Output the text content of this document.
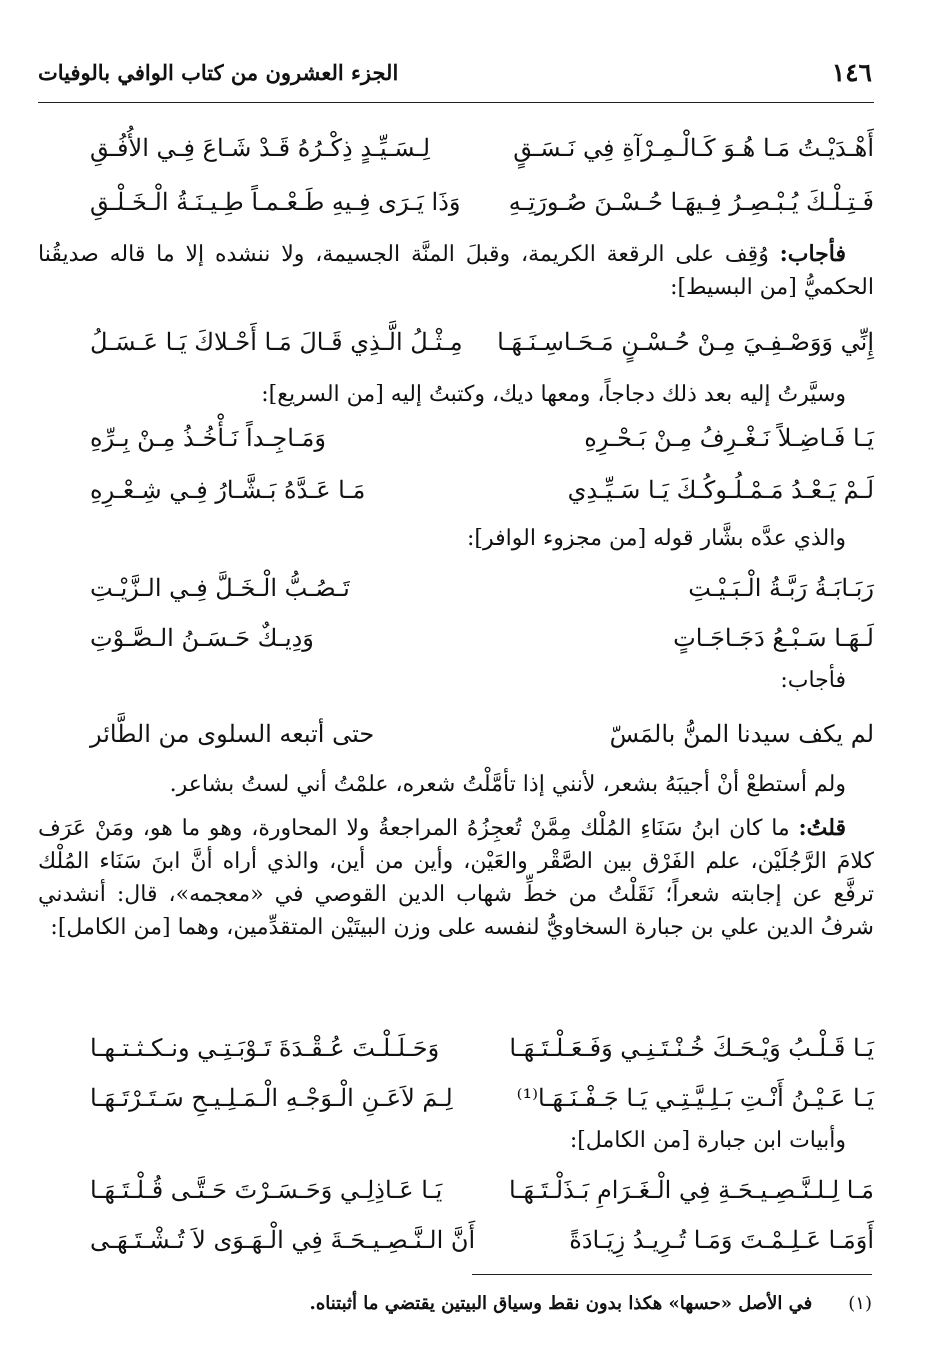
١٤٦
الجزء العشرون من كتاب الوافي بالوفيات
أَهْـدَيْـتُ مَـا هُـوَ كَـالْـمِـرْآةِ فِي نَـسَـقٍ
لِـسَـيِّـدٍ ذِكْـرُهُ قَـدْ شَـاعَ فِـي الأُفُـقِ
فَـتِـلْـكَ يُـبْـصِـرُ فِـيهَـا حُـسْـنَ صُـورَتِـهِ
وَذَا يَـرَى فِـيهِ طَـعْـمـاً طِـيـنَـةُ الْـخَـلْـقِ

فأجاب: وُقِف على الرقعة الكريمة، وقبلَ المنَّة الجسيمة، ولا ننشده إلا ما قاله صديقُنا الحكميُّ [من البسيط]:

إِنِّي وَوَصْـفِـيَ مِـنْ حُـسْـنٍ مَـحَـاسِـنَـهَـا
مِـثْـلُ الَّـذِي قَـالَ مَـا أَحْـلاكَ يَـا عَـسَـلُ

وسيَّرتُ إليه بعد ذلك دجاجاً، ومعها ديك، وكتبتُ إليه [من السريع]:

يَـا فَـاضِـلاً نَـغْـرِفُ مِـنْ بَـحْـرِهِ
وَمَـاجِـداً نَـأْخُـذُ مِـنْ بِـرِّهِ
لَـمْ يَـعْـدُ مَـمْـلُـوكُـكَ يَـا سَـيِّـدِي
مَـا عَـدَّهُ بَـشَّـارُ فِـي شِـعْـرِهِ

والذي عدَّه بشَّار قوله [من مجزوء الوافر]:

رَبَـابَـةُ رَبَّـةُ الْـبَـيْـتِ
تَـصُـبُّ الْـخَـلَّ فِـي الـزَّيْـتِ
لَـهَـا سَـبْـعُ دَجَـاجَـاتٍ
وَدِيـكٌ حَـسَـنُ الـصَّـوْتِ

فأجاب:

لم يكف سيدنا المنُّ بالمَسّ
حتى أتبعه السلوى من الطَّائر

ولم أستطعْ أنْ أجيبَهُ بشعر، لأنني إذا تأمَّلْتُ شعره، علمْتُ أني لستُ بشاعر.

قلتُ: ما كان ابنُ سَنَاءِ المُلْك مِمَّنْ تُعجِزُهُ المراجعةُ ولا المحاورة، وهو ما هو، ومَنْ عَرَف كلامَ الرَّجُلَيْن، علم الفَرْق بين الصَّقْر والعَيْن، وأين من أين، والذي أراه أنَّ ابنَ سَنَاء المُلْك ترفَّع عن إجابته شعراً؛ نَقَلْتُ من خطِّ شهاب الدين القوصي في «معجمه»، قال: أنشدني شرفُ الدين علي بن جبارة السخاويُّ لنفسه على وزن البيتَيْن المتقدِّمين، وهما [من الكامل]:

يَـا قَـلْـبُ وَيْـحَـكَ خُـنْـتَـنِـي وَفَـعَـلْـتَـهَـا
وَحَـلَـلْـتَ عُـقْـدَةَ تَـوْبَـتِـي ونـكـثـتـهـا
يَـا عَـيْـنُ أَنْـتِ بَـلِـيَّـتِـي يَـا جَـفْـنَـهَـا⁽¹⁾
لِـمَ لاَعَـنِ الْـوَجْـهِ الْـمَـلِـيـحِ سَـتَـرْتَـهَـا

وأبيات ابن جبارة [من الكامل]:

مَـا لِـلـنَّـصِـيـحَـةِ فِي الْـغَـرَامِ بَـذَلْـتَـهَـا
يَـا عَـاذِلِـي وَحَـسَـرْتَ حَـتَّـى قُـلْـتَـهَـا
أَوَمَـا عَـلِـمْـتَ وَمَـا تُـرِيـدُ زِيَـادَةً
أَنَّ الـنَّـصِـيـحَـةَ فِي الْـهَـوَى لاَ تُـشْـتَـهَـى
(١)في الأصل «حسها» هكذا بدون نقط وسياق البيتين يقتضي ما أثبتناه.
